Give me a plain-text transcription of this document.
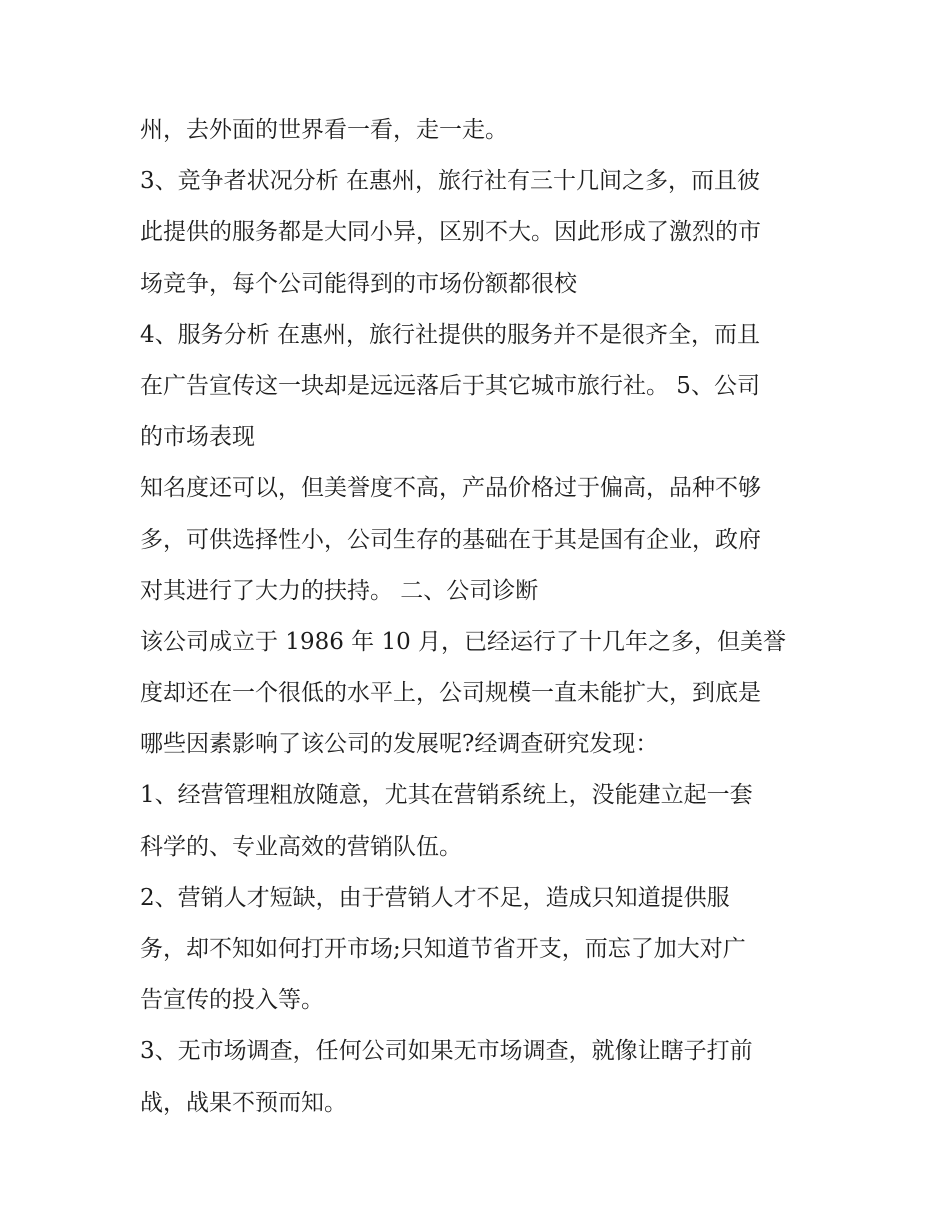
州，去外面的世界看一看，走一走。
3、竞争者状况分析 在惠州，旅行社有三十几间之多，而且彼
此提供的服务都是大同小异，区别不大。因此形成了激烈的市
场竞争，每个公司能得到的市场份额都很校
4、服务分析 在惠州，旅行社提供的服务并不是很齐全，而且
在广告宣传这一块却是远远落后于其它城市旅行社。 5、公司
的市场表现
知名度还可以，但美誉度不高，产品价格过于偏高，品种不够
多，可供选择性小，公司生存的基础在于其是国有企业，政府
对其进行了大力的扶持。 二、公司诊断
该公司成立于 1986 年 10 月，已经运行了十几年之多，但美誉
度却还在一个很低的水平上，公司规模一直未能扩大，到底是
哪些因素影响了该公司的发展呢?经调查研究发现：
1、经营管理粗放随意，尤其在营销系统上，没能建立起一套
科学的、专业高效的营销队伍。
2、营销人才短缺，由于营销人才不足，造成只知道提供服
务，却不知如何打开市场;只知道节省开支，而忘了加大对广
告宣传的投入等。
3、无市场调查，任何公司如果无市场调查，就像让瞎子打前
战，战果不预而知。
